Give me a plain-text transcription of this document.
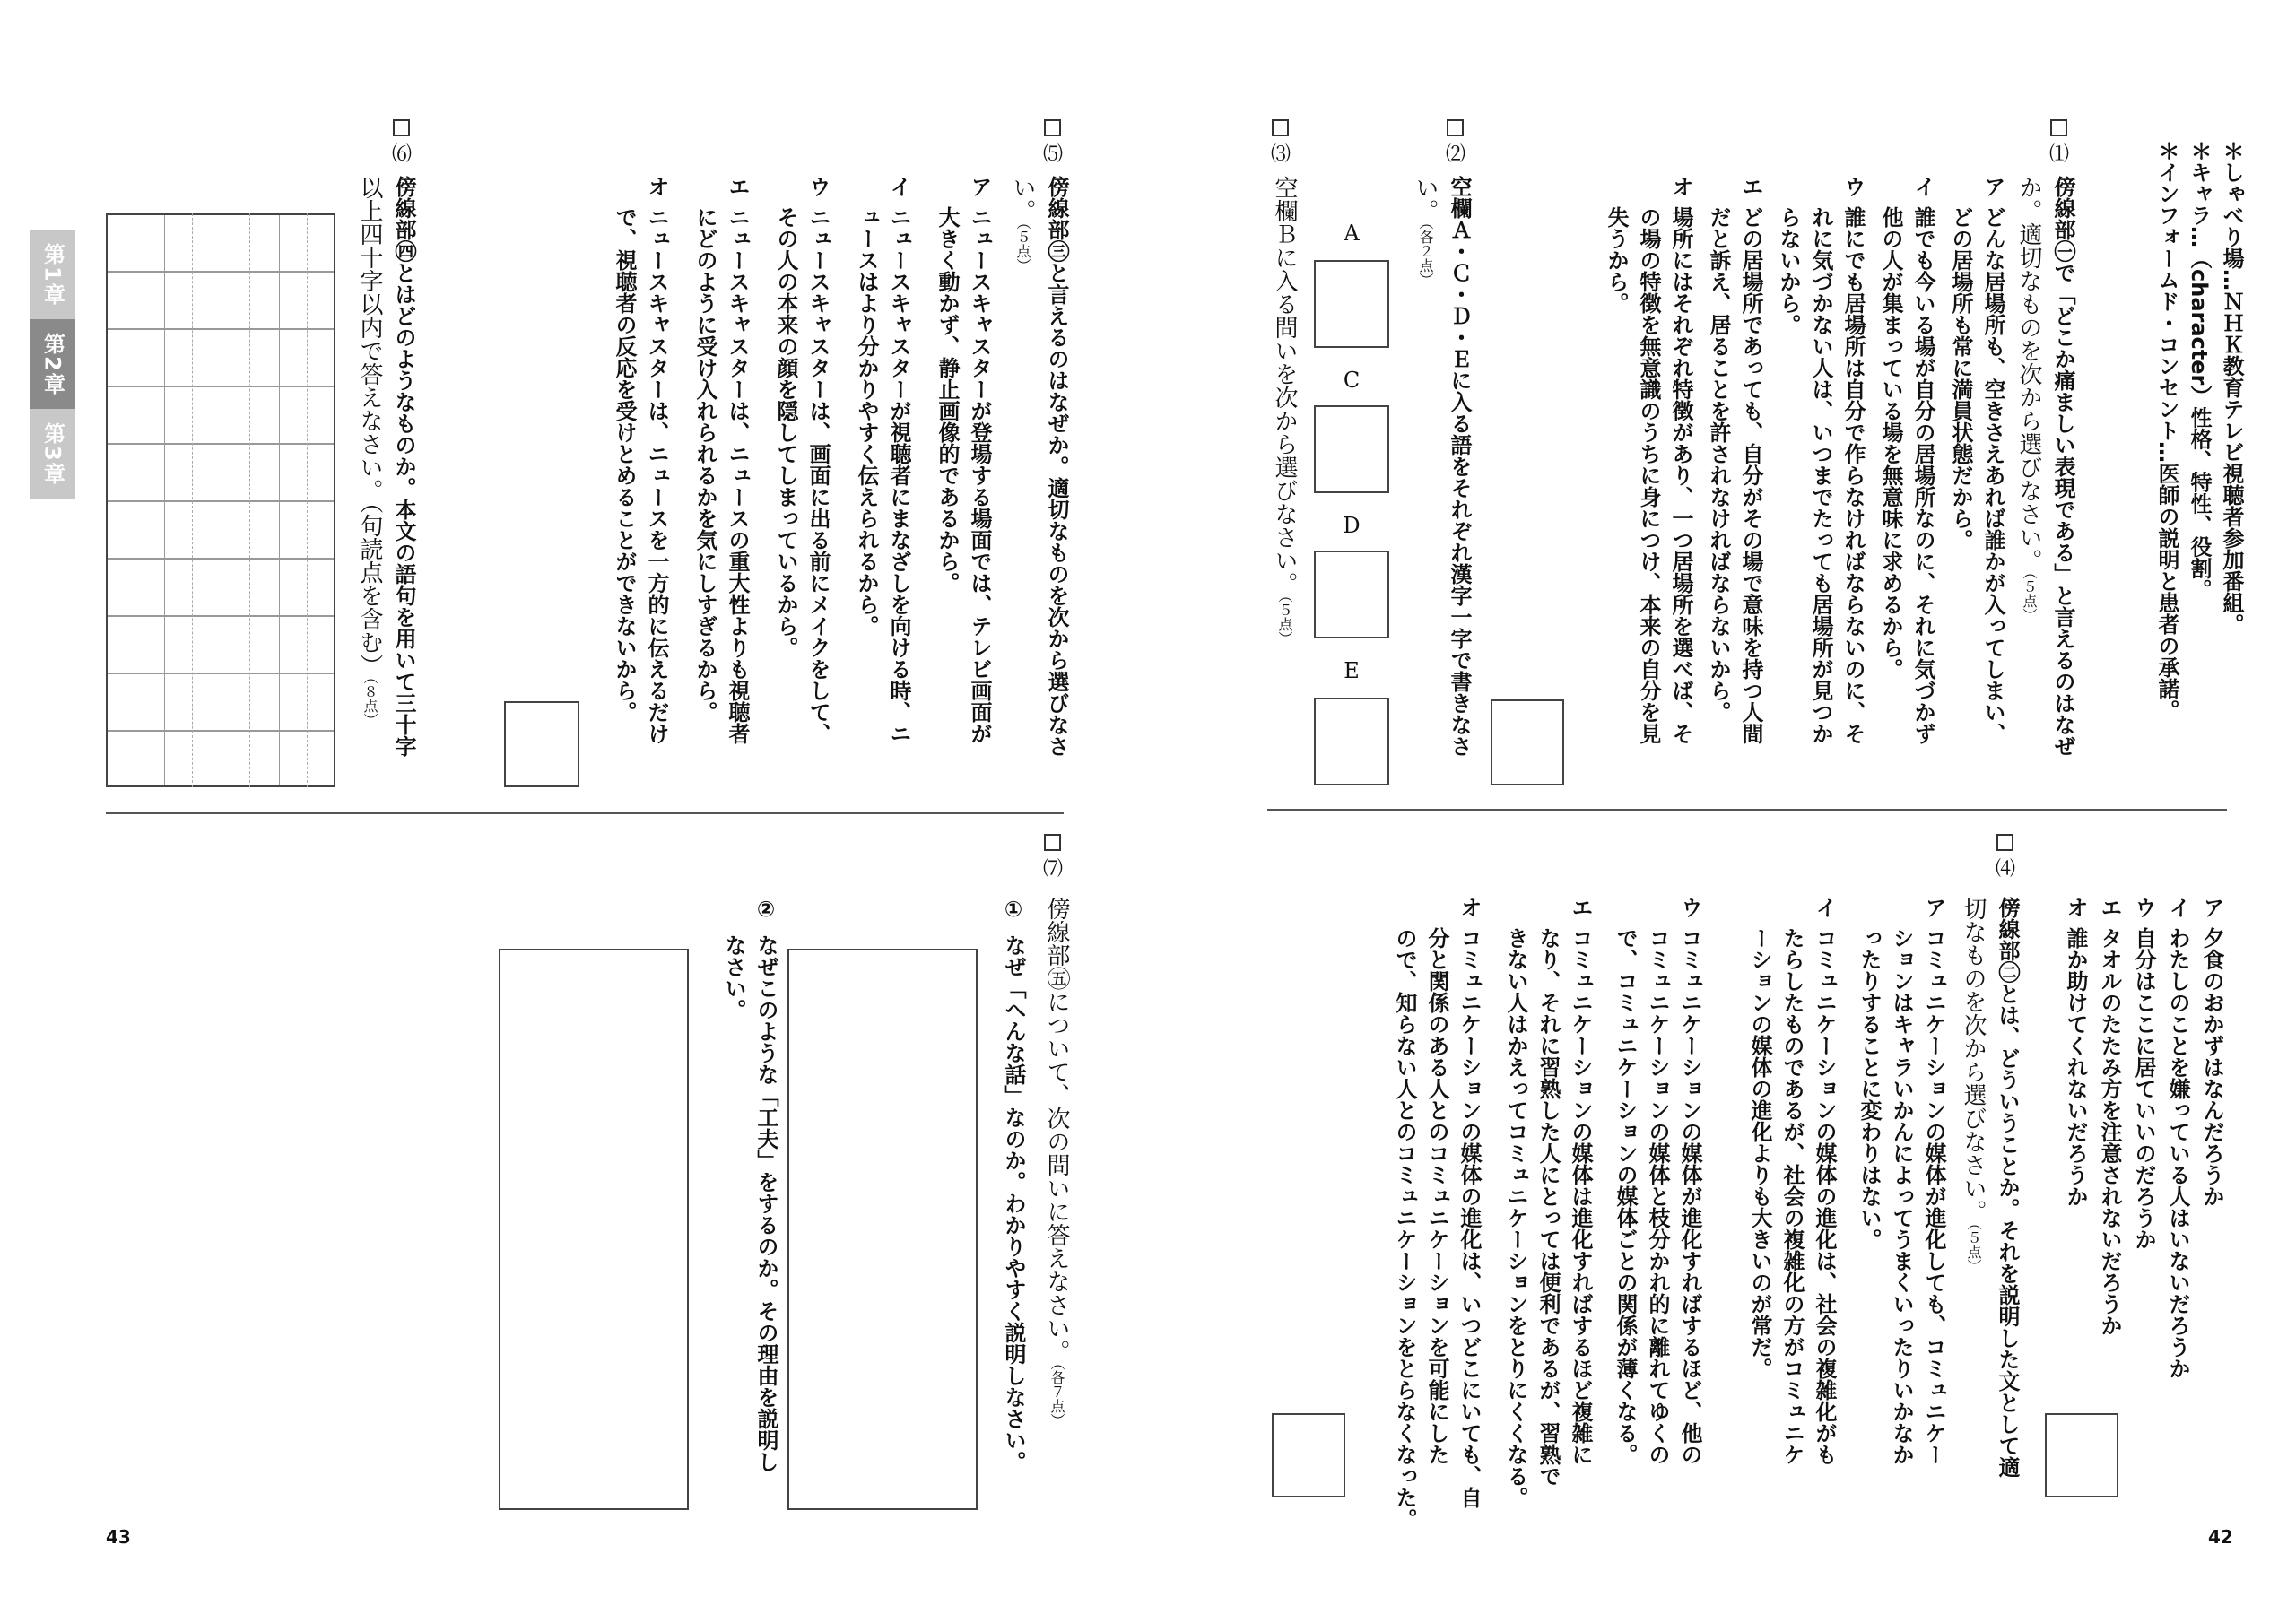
＊しゃべり場…ＮＨＫ教育テレビ視聴者参加番組。
＊キャラ…（character）性格、特性、役割。
＊インフォームド・コンセント…医師の説明と患者の承諾。
⑴
傍線部㊀で「どこか痛ましい表現である」と言えるのはなぜ
か。適切なものを次から選びなさい。（５点）
ア
どんな居場所も、空きさえあれば誰かが入ってしまい、
どの居場所も常に満員状態だから。
イ
誰でも今いる場が自分の居場所なのに、それに気づかず
他の人が集まっている場を無意味に求めるから。
ウ
誰にでも居場所は自分で作らなければならないのに、そ
れに気づかない人は、いつまでたっても居場所が見つか
らないから。
エ
どの居場所であっても、自分がその場で意味を持つ人間
だと訴え、居ることを許されなければならないから。
オ
場所にはそれぞれ特徴があり、一つ居場所を選べば、そ
の場の特徴を無意識のうちに身につけ、本来の自分を見
失うから。
⑵
空欄Ａ・Ｃ・Ｄ・Ｅに入る語をそれぞれ漢字一字で書きなさ
い。（各２点）
A
C
D
E
⑶
空欄Ｂに入る問いを次から選びなさい。（５点）
ア
夕食のおかずはなんだろうか
イ
わたしのことを嫌っている人はいないだろうか
ウ
自分はここに居ていいのだろうか
エ
タオルのたたみ方を注意されないだろうか
オ
誰か助けてくれないだろうか
⑷
傍線部㊁とは、どういうことか。それを説明した文として適
切なものを次から選びなさい。（５点）
ア
コミュニケーションの媒体が進化しても、コミュニケー
ションはキャラいかんによってうまくいったりいかなか
ったりすることに変わりはない。
イ
コミュニケーションの媒体の進化は、社会の複雑化がも
たらしたものであるが、社会の複雑化の方がコミュニケ
ーションの媒体の進化よりも大きいのが常だ。
ウ
コミュニケーションの媒体が進化すればするほど、他の
コミュニケーションの媒体と枝分かれ的に離れてゆくの
で、コミュニケーションの媒体ごとの関係が薄くなる。
エ
コミュニケーションの媒体は進化すればするほど複雑に
なり、それに習熟した人にとっては便利であるが、習熟で
きない人はかえってコミュニケーションをとりにくくなる。
オ
コミュニケーションの媒体の進化は、いつどこにいても、自
分と関係のある人とのコミュニケーションを可能にした
ので、知らない人とのコミュニケーションをとらなくなった。
42
第1章
第2章
第3章
⑸
傍線部㊂と言えるのはなぜか。適切なものを次から選びなさ
い。（５点）
ア
ニュースキャスターが登場する場面では、テレビ画面が
大きく動かず、静止画像的であるから。
イ
ニュースキャスターが視聴者にまなざしを向ける時、ニ
ュースはより分かりやすく伝えられるから。
ウ
ニュースキャスターは、画面に出る前にメイクをして、
その人の本来の顔を隠してしまっているから。
エ
ニュースキャスターは、ニュースの重大性よりも視聴者
にどのように受け入れられるかを気にしすぎるから。
オ
ニュースキャスターは、ニュースを一方的に伝えるだけ
で、視聴者の反応を受けとめることができないから。
⑹
傍線部㊃とはどのようなものか。本文の語句を用いて三十字
以上四十字以内で答えなさい。（句読点を含む）（８点）
⑺
傍線部㊄について、次の問いに答えなさい。（各７点）
①
なぜ「へんな話」なのか。わかりやすく説明しなさい。
②
なぜこのような「工夫」をするのか。その理由を説明し
なさい。
43
